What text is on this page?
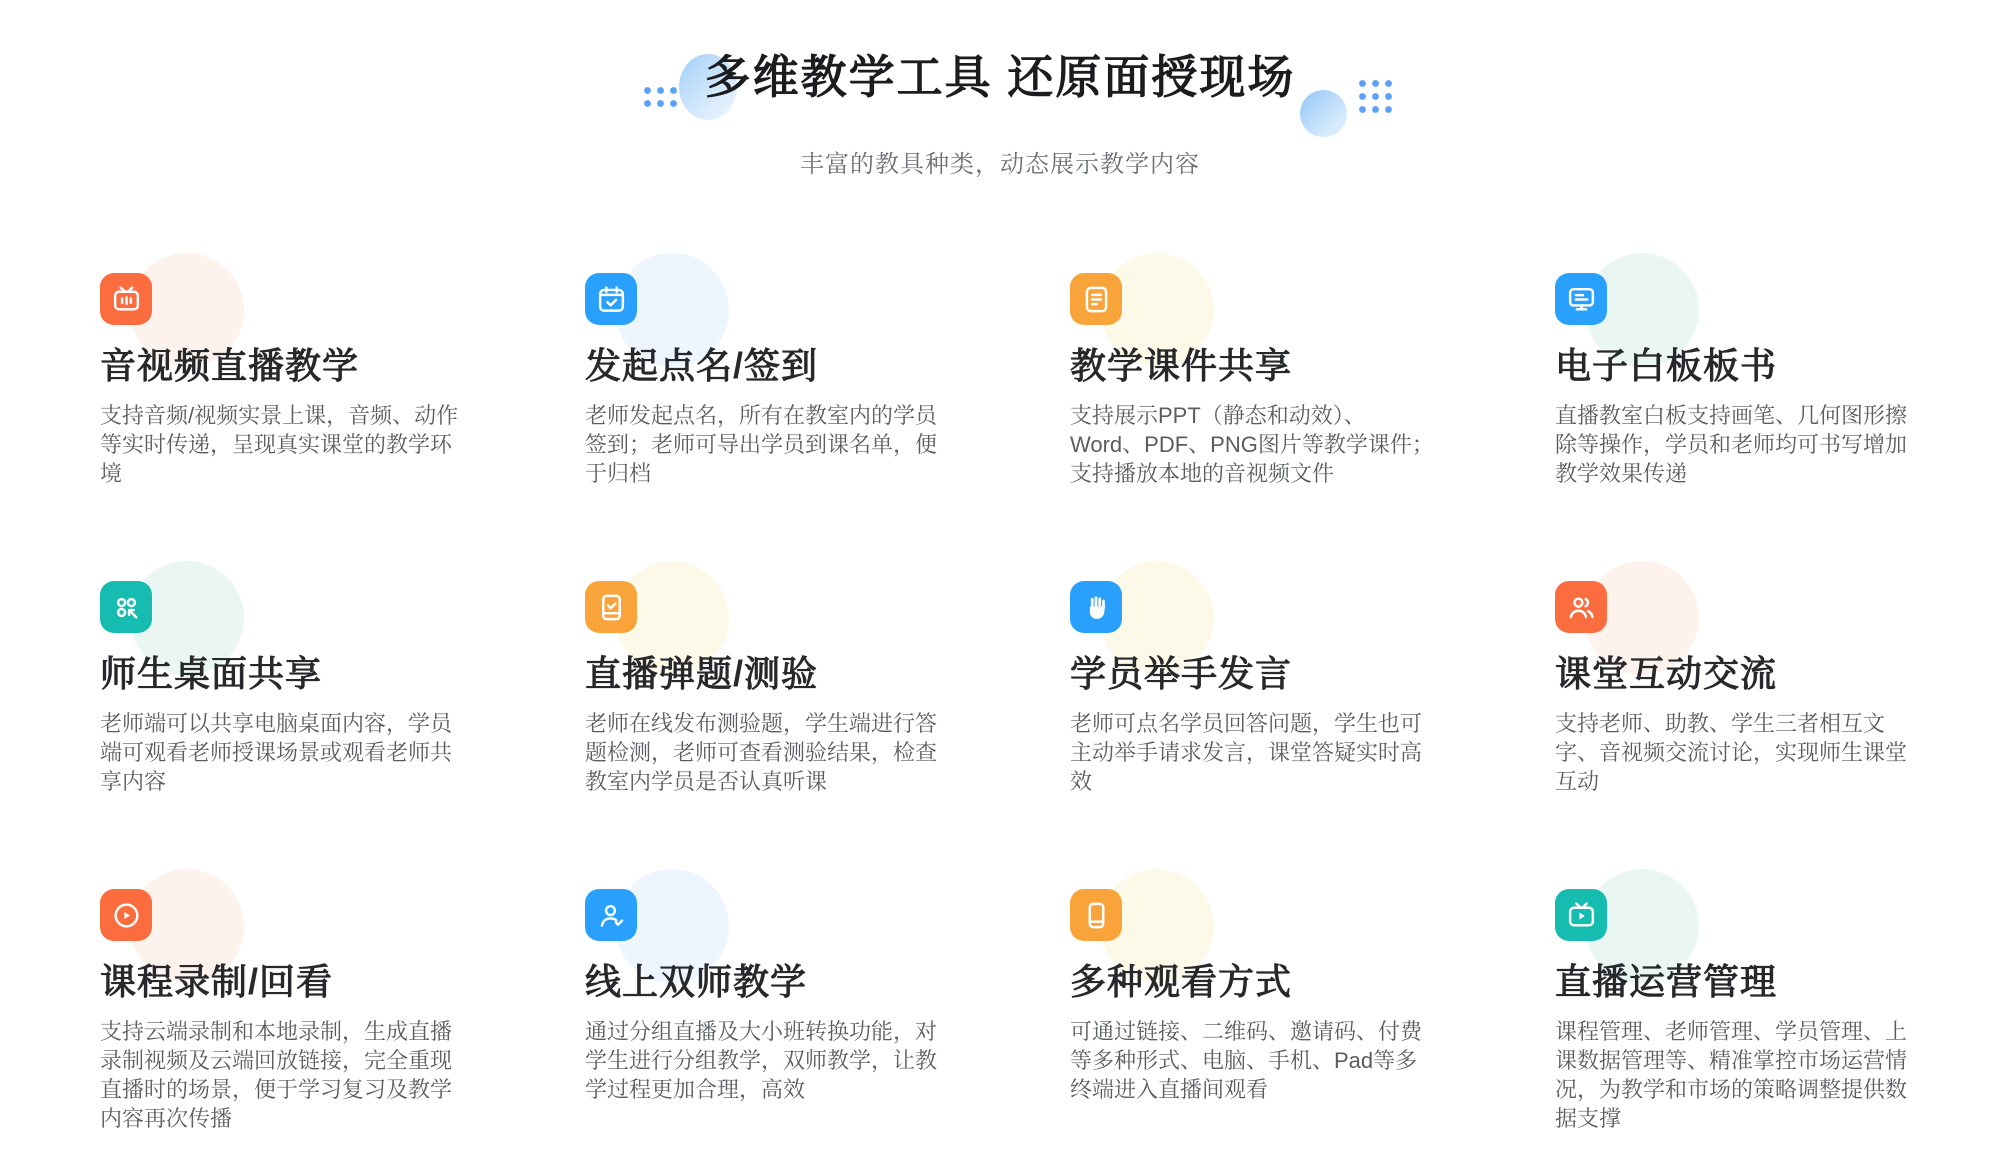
多维教学工具 还原面授现场

丰富的教具种类，动态展示教学内容

音视频直播教学

支持音频/视频实景上课，音频、动作等实时传递，呈现真实课堂的教学环境

发起点名/签到

老师发起点名，所有在教室内的学员签到；老师可导出学员到课名单，便于归档

教学课件共享

支持展示PPT（静态和动效）、Word、PDF、PNG图片等教学课件；支持播放本地的音视频文件

电子白板板书

直播教室白板支持画笔、几何图形擦除等操作，学员和老师均可书写增加教学效果传递

师生桌面共享

老师端可以共享电脑桌面内容，学员端可观看老师授课场景或观看老师共享内容

直播弹题/测验

老师在线发布测验题，学生端进行答题检测，老师可查看测验结果，检查教室内学员是否认真听课

学员举手发言

老师可点名学员回答问题，学生也可主动举手请求发言，课堂答疑实时高效

课堂互动交流

支持老师、助教、学生三者相互文字、音视频交流讨论，实现师生课堂互动

课程录制/回看

支持云端录制和本地录制，生成直播录制视频及云端回放链接，完全重现直播时的场景，便于学习复习及教学内容再次传播

线上双师教学

通过分组直播及大小班转换功能，对学生进行分组教学，双师教学，让教学过程更加合理，高效

多种观看方式

可通过链接、二维码、邀请码、付费等多种形式、电脑、手机、Pad等多终端进入直播间观看

直播运营管理

课程管理、老师管理、学员管理、上课数据管理等、精准掌控市场运营情况，为教学和市场的策略调整提供数据支撑
